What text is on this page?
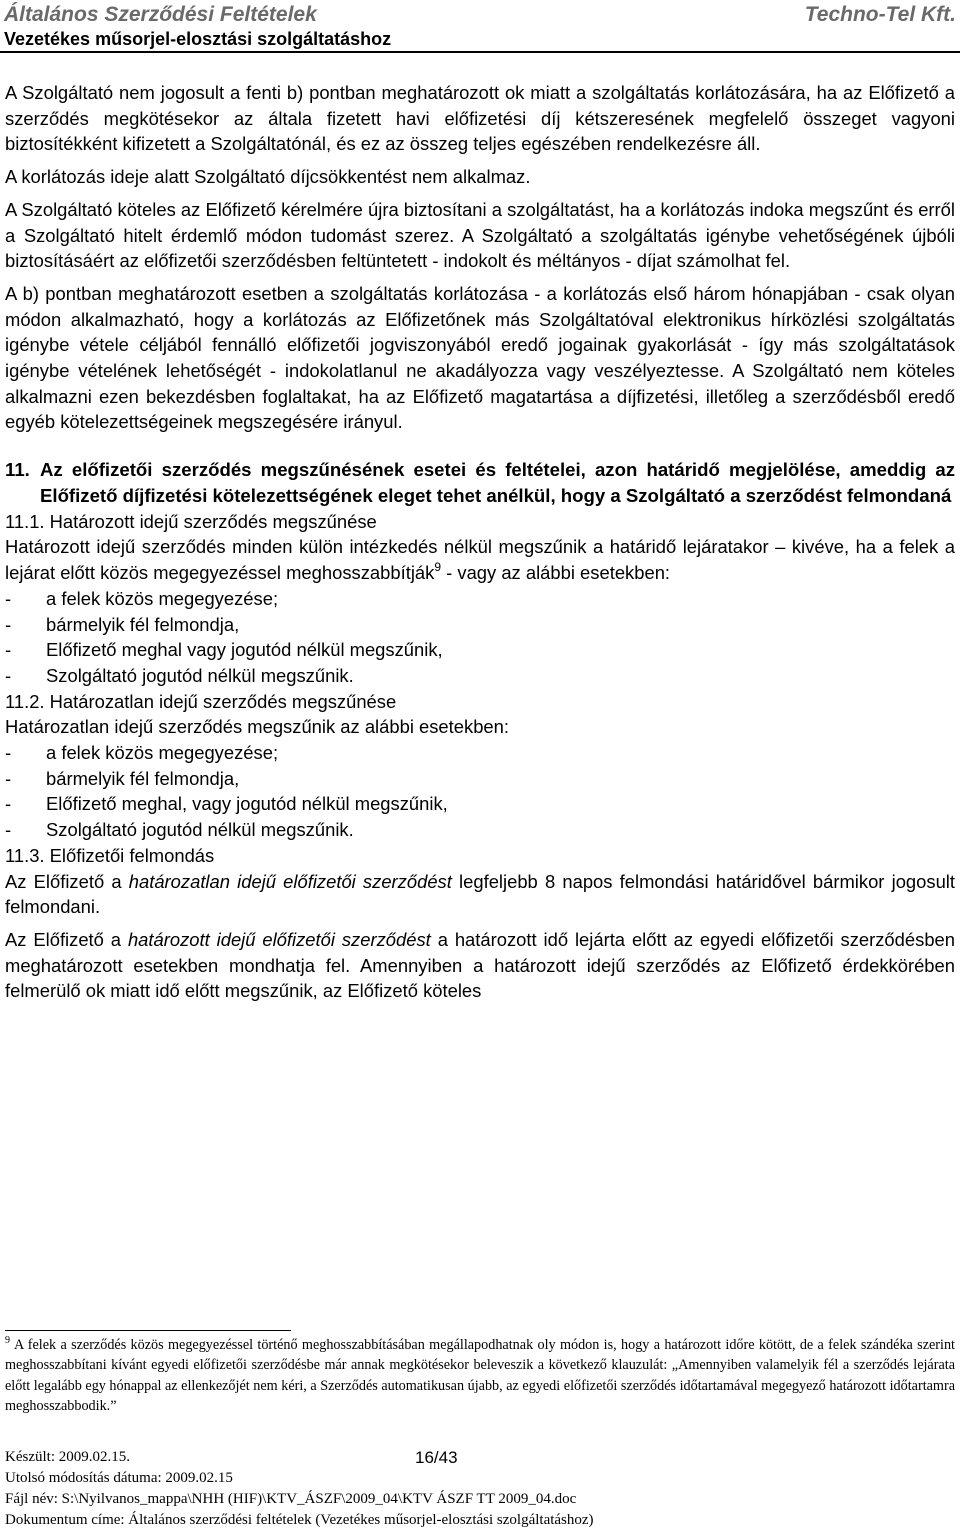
Általános Szerződési Feltételek	Techno-Tel Kft.
Vezetékes műsorjel-elosztási szolgáltatáshoz

A Szolgáltató nem jogosult a fenti b) pontban meghatározott ok miatt a szolgáltatás korlátozására, ha az Előfizető a szerződés megkötésekor az általa fizetett havi előfizetési díj kétszeresének megfelelő összeget vagyoni biztosítékként kifizetett a Szolgáltatónál, és ez az összeg teljes egészében rendelkezésre áll.

A korlátozás ideje alatt Szolgáltató díjcsökkentést nem alkalmaz.

A Szolgáltató köteles az Előfizető kérelmére újra biztosítani a szolgáltatást, ha a korlátozás indoka megszűnt és erről a Szolgáltató hitelt érdemlő módon tudomást szerez. A Szolgáltató a szolgáltatás igénybe vehetőségének újbóli biztosításáért az előfizetői szerződésben feltüntetett - indokolt és méltányos - díjat számolhat fel.

A b) pontban meghatározott esetben a szolgáltatás korlátozása - a korlátozás első három hónapjában - csak olyan módon alkalmazható, hogy a korlátozás az Előfizetőnek más Szolgáltatóval elektronikus hírközlési szolgáltatás igénybe vétele céljából fennálló előfizetői jogviszonyából eredő jogainak gyakorlását - így más szolgáltatások igénybe vételének lehetőségét - indokolatlanul ne akadályozza vagy veszélyeztesse. A Szolgáltató nem köteles alkalmazni ezen bekezdésben foglaltakat, ha az Előfizető magatartása a díjfizetési, illetőleg a szerződésből eredő egyéb kötelezettségeinek megszegésére irányul.

11. Az előfizetői szerződés megszűnésének esetei és feltételei, azon határidő megjelölése, ameddig az Előfizető díjfizetési kötelezettségének eleget tehet anélkül, hogy a Szolgáltató a szerződést felmondaná

11.1. Határozott idejű szerződés megszűnése

Határozott idejű szerződés minden külön intézkedés nélkül megszűnik a határidő lejáratakor – kivéve, ha a felek a lejárat előtt közös megegyezéssel meghosszabbítják$^9$ - vagy az alábbi esetekben:

-	a felek közös megegyezése;
-	bármelyik fél felmondja,
-	Előfizető meghal vagy jogutód nélkül megszűnik,
-	Szolgáltató jogutód nélkül megszűnik.

11.2. Határozatlan idejű szerződés megszűnése

Határozatlan idejű szerződés megszűnik az alábbi esetekben:

-	a felek közös megegyezése;
-	bármelyik fél felmondja,
-	Előfizető meghal, vagy jogutód nélkül megszűnik,
-	Szolgáltató jogutód nélkül megszűnik.

11.3. Előfizetői felmondás

Az Előfizető a határozatlan idejű előfizetői szerződést legfeljebb 8 napos felmondási határidővel bármikor jogosult felmondani.

Az Előfizető a határozott idejű előfizetői szerződést a határozott idő lejárta előtt az egyedi előfizetői szerződésben meghatározott esetekben mondhatja fel. Amennyiben a határozott idejű szerződés az Előfizető érdekkörében felmerülő ok miatt idő előtt megszűnik, az Előfizető köteles

$^9$ A felek a szerződés közös megegyezéssel történő meghosszabbításában megállapodhatnak oly módon is, hogy a határozott időre kötött, de a felek szándéka szerint meghosszabbítani kívánt egyedi előfizetői szerződésbe már annak megkötésekor beleveszik a következő klauzulát: „Amennyiben valamelyik fél a szerződés lejárata előtt legalább egy hónappal az ellenkezőjét nem kéri, a Szerződés automatikusan újabb, az egyedi előfizetői szerződés időtartamával megegyező határozott időtartamra meghosszabbodik.”
Készült: 2009.02.15.	16/43
Utolsó módosítás dátuma: 2009.02.15
Fájl név: S:\Nyilvanos_mappa\NHH (HIF)\KTV_ÁSZF\2009_04\KTV ÁSZF TT 2009_04.doc
Dokumentum címe: Általános szerződési feltételek (Vezetékes műsorjel-elosztási szolgáltatáshoz)
